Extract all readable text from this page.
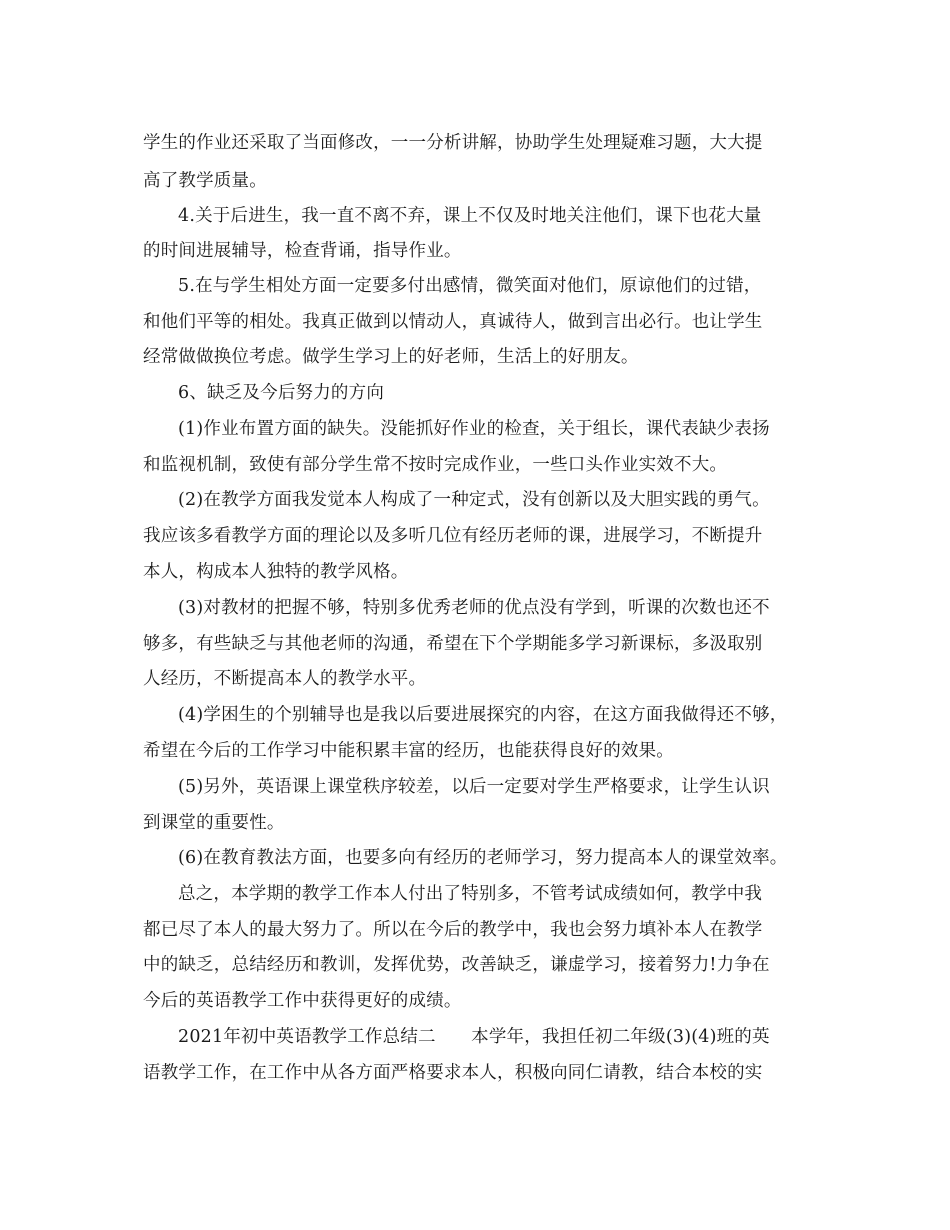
学生的作业还采取了当面修改，一一分析讲解，协助学生处理疑难习题，大大提
高了教学质量。
4.关于后进生，我一直不离不弃，课上不仅及时地关注他们，课下也花大量
的时间进展辅导，检查背诵，指导作业。
5.在与学生相处方面一定要多付出感情，微笑面对他们，原谅他们的过错，
和他们平等的相处。我真正做到以情动人，真诚待人，做到言出必行。也让学生
经常做做换位考虑。做学生学习上的好老师，生活上的好朋友。
6、缺乏及今后努力的方向
(1)作业布置方面的缺失。没能抓好作业的检查，关于组长，课代表缺少表扬
和监视机制，致使有部分学生常不按时完成作业，一些口头作业实效不大。
(2)在教学方面我发觉本人构成了一种定式，没有创新以及大胆实践的勇气。
我应该多看教学方面的理论以及多听几位有经历老师的课，进展学习，不断提升
本人，构成本人独特的教学风格。
(3)对教材的把握不够，特别多优秀老师的优点没有学到，听课的次数也还不
够多，有些缺乏与其他老师的沟通，希望在下个学期能多学习新课标，多汲取别
人经历，不断提高本人的教学水平。
(4)学困生的个别辅导也是我以后要进展探究的内容，在这方面我做得还不够，
希望在今后的工作学习中能积累丰富的经历，也能获得良好的效果。
(5)另外，英语课上课堂秩序较差，以后一定要对学生严格要求，让学生认识
到课堂的重要性。
(6)在教育教法方面，也要多向有经历的老师学习，努力提高本人的课堂效率。
总之，本学期的教学工作本人付出了特别多，不管考试成绩如何，教学中我
都已尽了本人的最大努力了。所以在今后的教学中，我也会努力填补本人在教学
中的缺乏，总结经历和教训，发挥优势，改善缺乏，谦虚学习，接着努力!力争在
今后的英语教学工作中获得更好的成绩。
2021年初中英语教学工作总结二　　本学年，我担任初二年级(3)(4)班的英
语教学工作，在工作中从各方面严格要求本人，积极向同仁请教，结合本校的实
